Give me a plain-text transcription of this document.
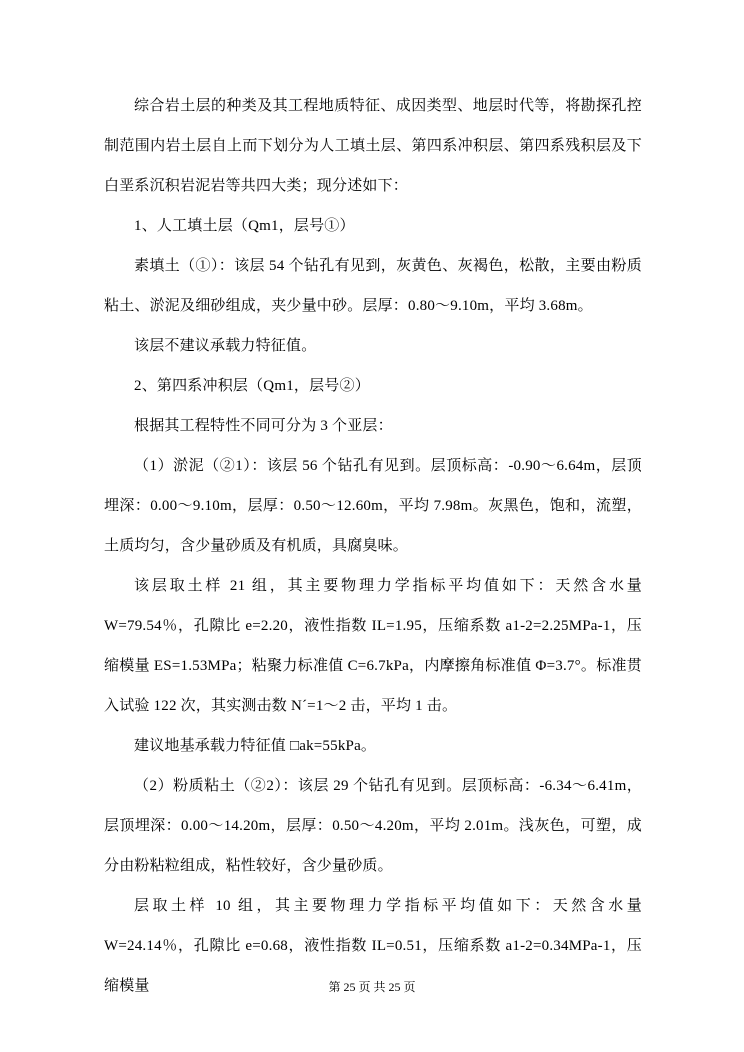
综合岩土层的种类及其工程地质特征、成因类型、地层时代等，将勘探孔控制范围内岩土层自上而下划分为人工填土层、第四系冲积层、第四系残积层及下白垩系沉积岩泥岩等共四大类；现分述如下：

1、人工填土层（Qm1，层号①）

素填土（①）：该层 54 个钻孔有见到，灰黄色、灰褐色，松散，主要由粉质粘土、淤泥及细砂组成，夹少量中砂。层厚：0.80～9.10m，平均 3.68m。

该层不建议承载力特征值。

2、第四系冲积层（Qm1，层号②）

根据其工程特性不同可分为 3 个亚层：

（1）淤泥（②1）：该层 56 个钻孔有见到。层顶标高：-0.90～6.64m，层顶埋深：0.00～9.10m，层厚：0.50～12.60m，平均 7.98m。灰黑色，饱和，流塑，土质均匀，含少量砂质及有机质，具腐臭味。

该层取土样 21 组，其主要物理力学指标平均值如下：天然含水量 W=79.54％，孔隙比 e=2.20，液性指数 IL=1.95，压缩系数 a1-2=2.25MPa-1，压缩模量 ES=1.53MPa；粘聚力标准值 C=6.7kPa，内摩擦角标准值 Φ=3.7°。标准贯入试验 122 次，其实测击数 N´=1～2 击，平均 1 击。

建议地基承载力特征值 □ak=55kPa。

（2）粉质粘土（②2）：该层 29 个钻孔有见到。层顶标高：-6.34～6.41m，层顶埋深：0.00～14.20m，层厚：0.50～4.20m，平均 2.01m。浅灰色，可塑，成分由粉粘粒组成，粘性较好，含少量砂质。

层取土样 10 组，其主要物理力学指标平均值如下：天然含水量 W=24.14％，孔隙比 e=0.68，液性指数 IL=0.51，压缩系数 a1-2=0.34MPa-1，压缩模量	第 25 页 共 25 页
